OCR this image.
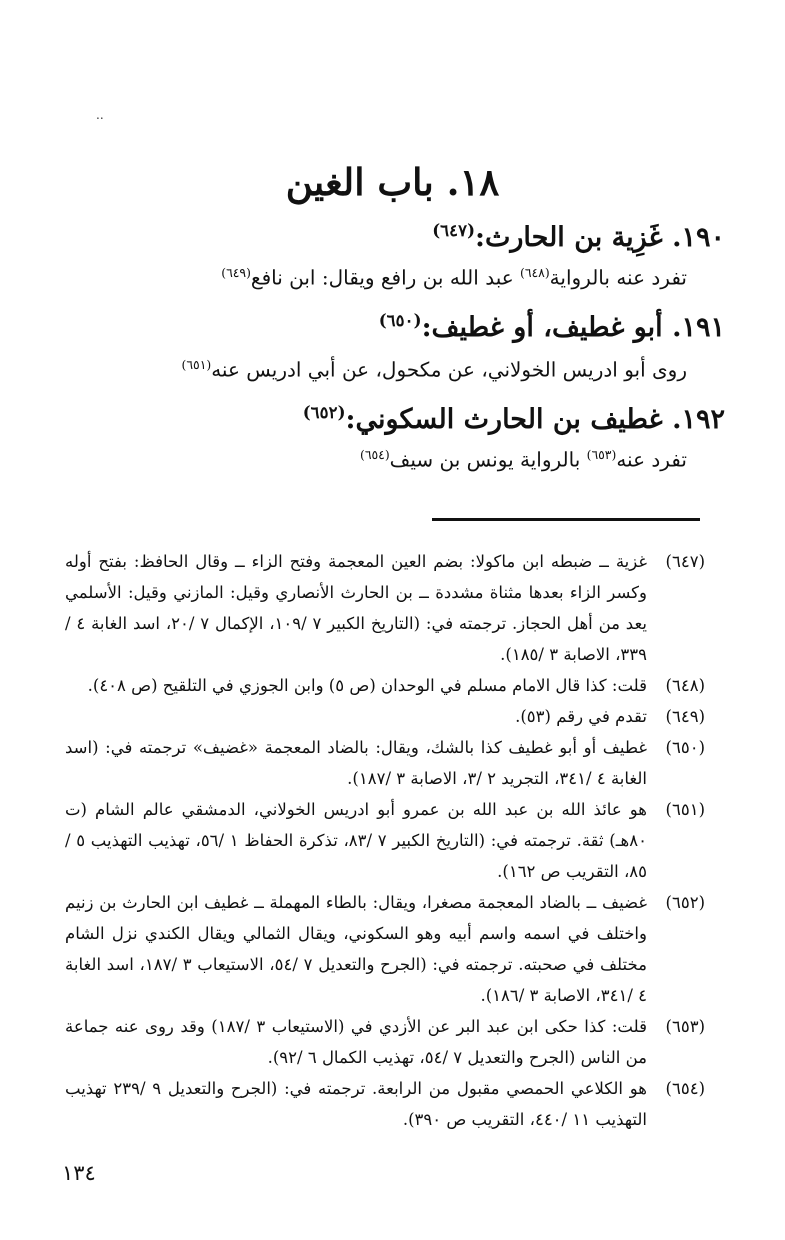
..
١٨. باب الغين
١٩٠. غَزِية بن الحارث:$^{(٦٤٧)}$
تفرد عنه بالرواية$^{(٦٤٨)}$ عبد الله بن رافع ويقال: ابن نافع$^{(٦٤٩)}$
١٩١. أبو غطيف، أو غطيف:$^{(٦٥٠)}$
روى أبو ادريس الخولاني، عن مكحول، عن أبي ادريس عنه$^{(٦٥١)}$
١٩٢. غطيف بن الحارث السكوني:$^{(٦٥٢)}$
تفرد عنه$^{(٦٥٣)}$ بالرواية يونس بن سيف$^{(٦٥٤)}$
(٦٤٧)
غزية ــ ضبطه ابن ماكولا: بضم العين المعجمة وفتح الزاء ــ وقال الحافظ: بفتح أوله وكسر الزاء بعدها مثناة مشددة ــ بن الحارث الأنصاري وقيل: المازني وقيل: الأسلمي يعد من أهل الحجاز. ترجمته في: (التاريخ الكبير ٧ /١٠٩، الإكمال ٧ /٢٠، اسد الغابة ٤ /٣٣٩، الاصابة ٣ /١٨٥).
(٦٤٨)
قلت: كذا قال الامام مسلم في الوحدان (ص ٥) وابن الجوزي في التلقيح (ص ٤٠٨).
(٦٤٩)
تقدم في رقم (٥٣).
(٦٥٠)
غطيف أو أبو غطيف كذا بالشك، ويقال: بالضاد المعجمة «غضيف» ترجمته في: (اسد الغابة ٤ /٣٤١، التجريد ٢ /٣، الاصابة ٣ /١٨٧).
(٦٥١)
هو عائذ الله بن عبد الله بن عمرو أبو ادريس الخولاني، الدمشقي عالم الشام (ت ٨٠هـ) ثقة. ترجمته في: (التاريخ الكبير ٧ /٨٣، تذكرة الحفاظ ١ /٥٦، تهذيب التهذيب ٥ /٨٥، التقريب ص ١٦٢).
(٦٥٢)
غضيف ــ بالضاد المعجمة مصغرا، ويقال: بالطاء المهملة ــ غطيف ابن الحارث بن زنيم واختلف في اسمه واسم أبيه وهو السكوني، ويقال الثمالي ويقال الكندي نزل الشام مختلف في صحبته. ترجمته في: (الجرح والتعديل ٧ /٥٤، الاستيعاب ٣ /١٨٧، اسد الغابة ٤ /٣٤١، الاصابة ٣ /١٨٦).
(٦٥٣)
قلت: كذا حكى ابن عبد البر عن الأزدي في (الاستيعاب ٣ /١٨٧) وقد روى عنه جماعة من الناس (الجرح والتعديل ٧ /٥٤، تهذيب الكمال ٦ /٩٢).
(٦٥٤)
هو الكلاعي الحمصي مقبول من الرابعة. ترجمته في: (الجرح والتعديل ٩ /٢٣٩ تهذيب التهذيب ١١ /٤٤٠، التقريب ص ٣٩٠).
١٣٤
